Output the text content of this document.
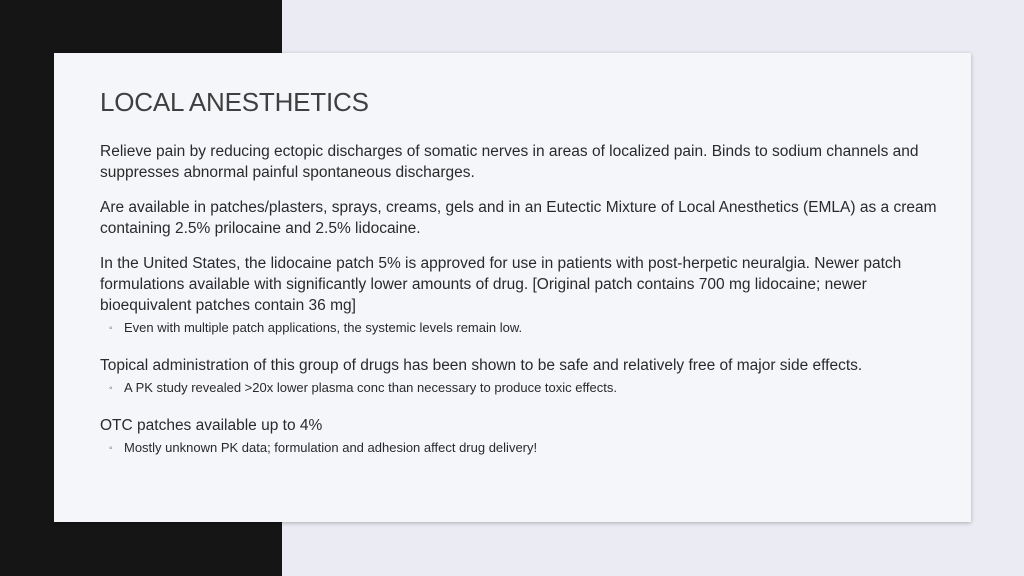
LOCAL ANESTHETICS

Relieve pain by reducing ectopic discharges of somatic nerves in areas of localized pain. Binds to sodium channels and suppresses abnormal painful spontaneous discharges.

Are available in patches/plasters, sprays, creams, gels and in an Eutectic Mixture of Local Anesthetics (EMLA) as a cream containing 2.5% prilocaine and 2.5% lidocaine.

In the United States, the lidocaine patch 5% is approved for use in patients with post-herpetic neuralgia. Newer patch formulations available with significantly lower amounts of drug. [Original patch contains 700 mg lidocaine; newer bioequivalent patches contain 36 mg]

◦ Even with multiple patch applications, the systemic levels remain low.

Topical administration of this group of drugs has been shown to be safe and relatively free of major side effects.

◦ A PK study revealed >20x lower plasma conc than necessary to produce toxic effects.

OTC patches available up to 4%

◦ Mostly unknown PK data; formulation and adhesion affect drug delivery!
